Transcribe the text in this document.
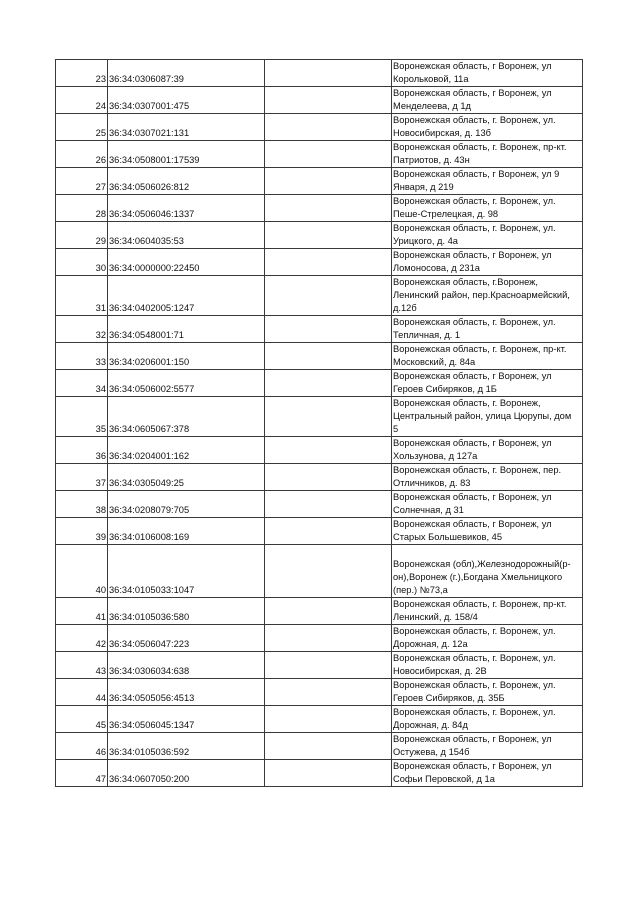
23	36:34:0306087:39		Воронежская область, г Воронеж, ул
Корольковой, 11а

24	36:34:0307001:475		Воронежская область, г Воронеж, ул
Менделеева, д 1д

25	36:34:0307021:131		Воронежская область, г. Воронеж, ул.
Новосибирская, д. 13б

26	36:34:0508001:17539		Воронежская область, г. Воронеж, пр-кт.
Патриотов, д. 43н

27	36:34:0506026:812		Воронежская область, г Воронеж, ул 9
Января, д 219

28	36:34:0506046:1337		Воронежская область, г. Воронеж, ул.
Пеше-Стрелецкая, д. 98

29	36:34:0604035:53		Воронежская область, г. Воронеж, ул.
Урицкого, д. 4а

30	36:34:0000000:22450		Воронежская область, г Воронеж, ул
Ломоносова, д 231а

31	36:34:0402005:1247		Воронежская область, г.Воронеж,
Ленинский район, пер.Красноармейский,
д.12б

32	36:34:0548001:71		Воронежская область, г. Воронеж, ул.
Тепличная, д. 1

33	36:34:0206001:150		Воронежская область, г. Воронеж, пр-кт.
Московский, д. 84а

34	36:34:0506002:5577		Воронежская область, г Воронеж, ул
Героев Сибиряков, д 1Б

35	36:34:0605067:378		Воронежская область, г. Воронеж,
Центральный район, улица Цюрупы, дом
5

36	36:34:0204001:162		Воронежская область, г Воронеж, ул
Хользунова, д 127а

37	36:34:0305049:25		Воронежская область, г. Воронеж, пер.
Отличников, д. 83

38	36:34:0208079:705		Воронежская область, г Воронеж, ул
Солнечная, д 31

39	36:34:0106008:169		Воронежская область, г Воронеж, ул
Старых Большевиков, 45

40	36:34:0105033:1047		Воронежская (обл),Железнодорожный(р-
он),Воронеж (г.),Богдана Хмельницкого
(пер.) №73,а

41	36:34:0105036:580		Воронежская область, г. Воронеж, пр-кт.
Ленинский, д. 158/4

42	36:34:0506047:223		Воронежская область, г. Воронеж, ул.
Дорожная, д. 12а

43	36:34:0306034:638		Воронежская область, г. Воронеж, ул.
Новосибирская, д. 2В

44	36:34:0505056:4513		Воронежская область, г. Воронеж, ул.
Героев Сибиряков, д. 35Б

45	36:34:0506045:1347		Воронежская область, г. Воронеж, ул.
Дорожная, д. 84д

46	36:34:0105036:592		Воронежская область, г Воронеж, ул
Остужева, д 154б

47	36:34:0607050:200		Воронежская область, г Воронеж, ул
Софьи Перовской, д 1а
